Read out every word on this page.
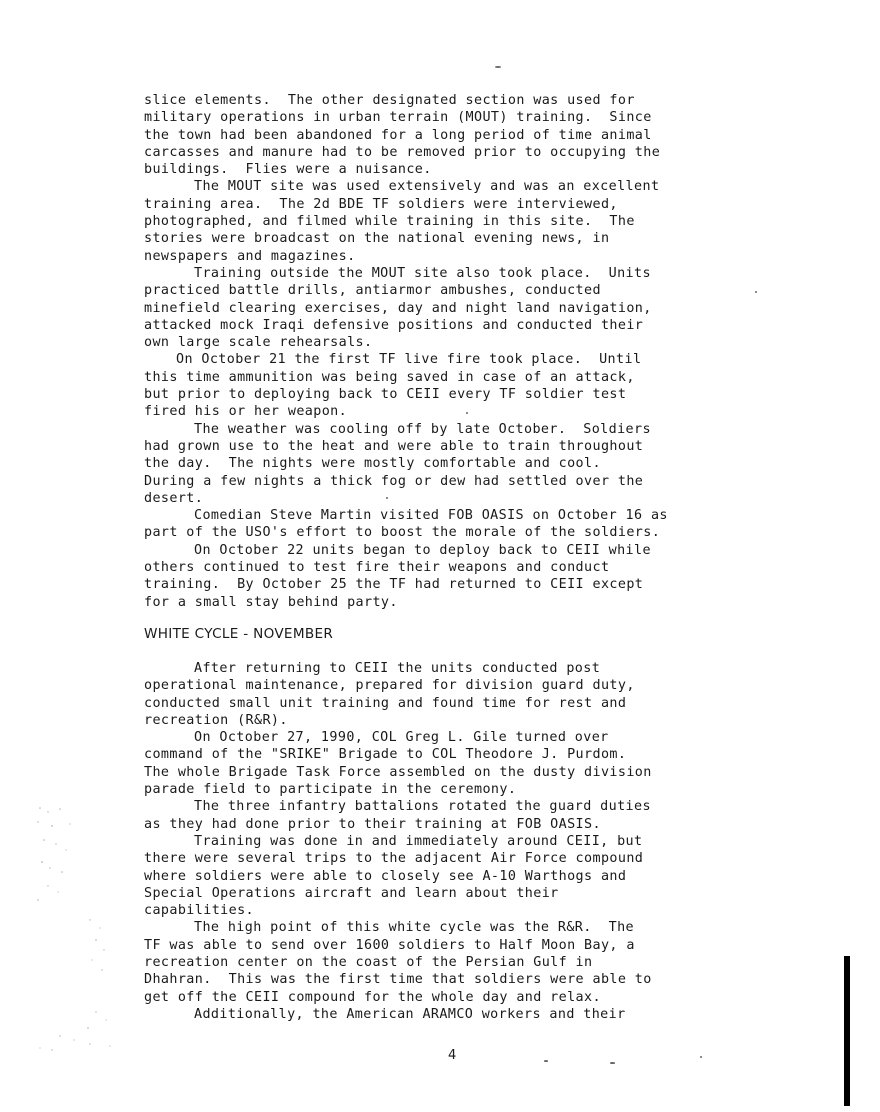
slice elements.  The other designated section was used for
military operations in urban terrain (MOUT) training.  Since
the town had been abandoned for a long period of time animal
carcasses and manure had to be removed prior to occupying the
buildings.  Flies were a nuisance.
The MOUT site was used extensively and was an excellent
training area.  The 2d BDE TF soldiers were interviewed,
photographed, and filmed while training in this site.  The
stories were broadcast on the national evening news, in
newspapers and magazines.
Training outside the MOUT site also took place.  Units
practiced battle drills, antiarmor ambushes, conducted
minefield clearing exercises, day and night land navigation,
attacked mock Iraqi defensive positions and conducted their
own large scale rehearsals.
On October 21 the first TF live fire took place.  Until
this time ammunition was being saved in case of an attack,
but prior to deploying back to CEII every TF soldier test
fired his or her weapon.
The weather was cooling off by late October.  Soldiers
had grown use to the heat and were able to train throughout
the day.  The nights were mostly comfortable and cool.
During a few nights a thick fog or dew had settled over the
desert.
Comedian Steve Martin visited FOB OASIS on October 16 as
part of the USO's effort to boost the morale of the soldiers.
On October 22 units began to deploy back to CEII while
others continued to test fire their weapons and conduct
training.  By October 25 the TF had returned to CEII except
for a small stay behind party.
WHITE CYCLE - NOVEMBER
After returning to CEII the units conducted post
operational maintenance, prepared for division guard duty,
conducted small unit training and found time for rest and
recreation (R&R).
On October 27, 1990, COL Greg L. Gile turned over
command of the "SRIKE" Brigade to COL Theodore J. Purdom.
The whole Brigade Task Force assembled on the dusty division
parade field to participate in the ceremony.
The three infantry battalions rotated the guard duties
as they had done prior to their training at FOB OASIS.
Training was done in and immediately around CEII, but
there were several trips to the adjacent Air Force compound
where soldiers were able to closely see A-10 Warthogs and
Special Operations aircraft and learn about their
capabilities.
The high point of this white cycle was the R&R.  The
TF was able to send over 1600 soldiers to Half Moon Bay, a
recreation center on the coast of the Persian Gulf in
Dhahran.  This was the first time that soldiers were able to
get off the CEII compound for the whole day and relax.
Additionally, the American ARAMCO workers and their
4
